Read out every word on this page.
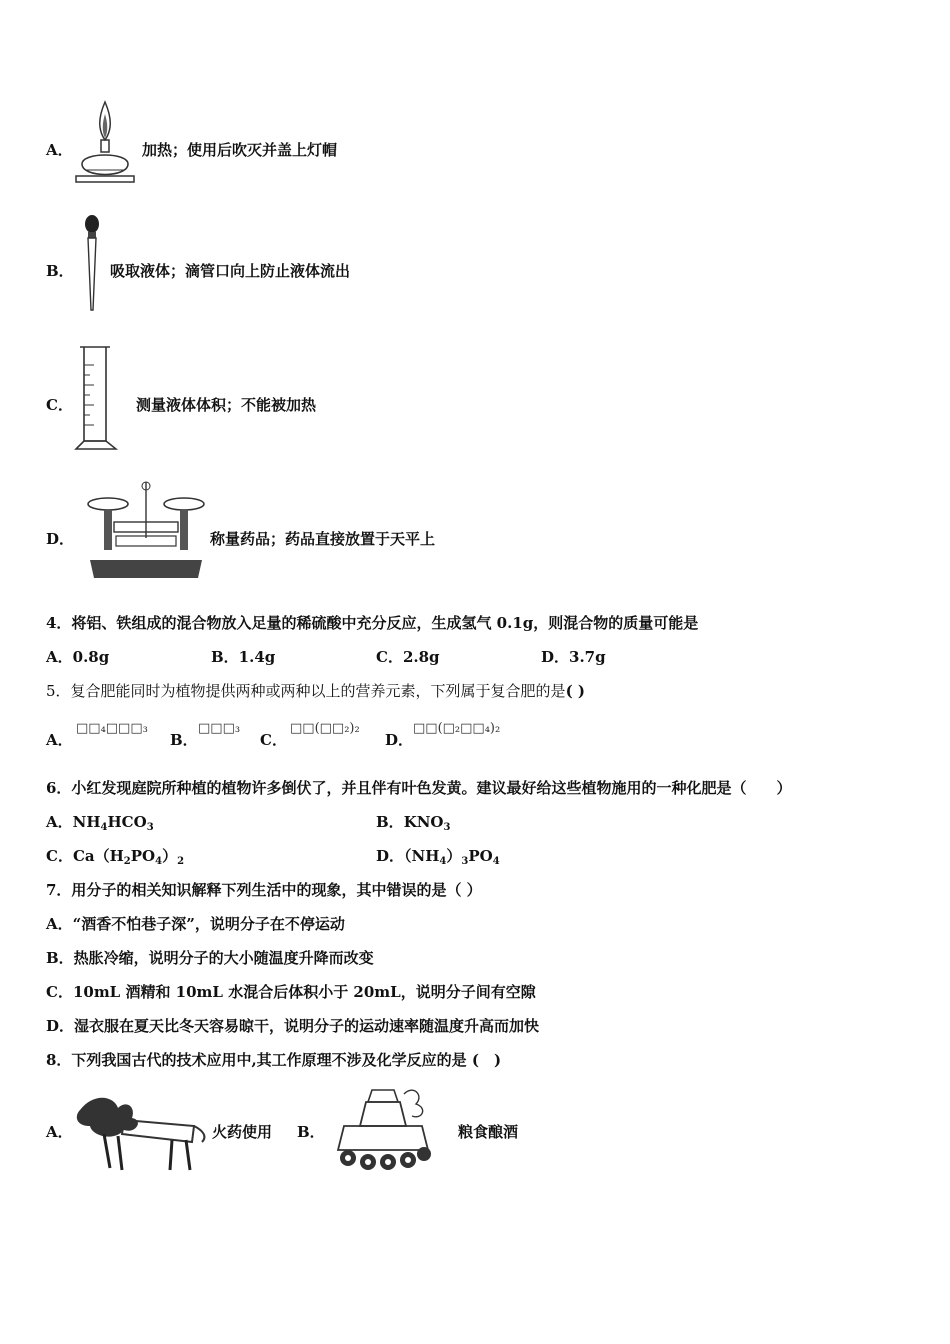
A．	加热；使用后吹灭并盖上灯帽
B． 吸取液体；滴管口向上防止液体流出
C．	测量液体体积；不能被加热
D．	称量药品；药品直接放置于天平上
4．将铝、铁组成的混合物放入足量的稀硫酸中充分反应，生成氢气 0.1g，则混合物的质量可能是
A．0.8g	B．1.4g	C．2.8g	D．3.7g
5．复合肥能同时为植物提供两种或两种以上的营养元素，下列属于复合肥的是( )
A．
□□₄□□□₃
B．
□□□₃
C．
□□(□□₂)₂
D．
□□(□₂□□₄)₂
6．小红发现庭院所种植的植物许多倒伏了，并且伴有叶色发黄。建议最好给这些植物施用的一种化肥是（　　）
A．$NH_4HCO_3$	B．$KNO_3$
C．$Ca(H_2PO_4)_2$	D．$(NH_4)_3PO_4$
7．用分子的相关知识解释下列生活中的现象，其中错误的是（ ）
A．“酒香不怕巷子深”，说明分子在不停运动
B．热胀冷缩，说明分子的大小随温度升降而改变
C．10mL 酒精和 10mL 水混合后体积小于 20mL，说明分子间有空隙
D．湿衣服在夏天比冬天容易晾干，说明分子的运动速率随温度升高而加快
8．下列我国古代的技术应用中,其工作原理不涉及化学反应的是 (　)
A．	火药使用 B．	粮食酿酒
